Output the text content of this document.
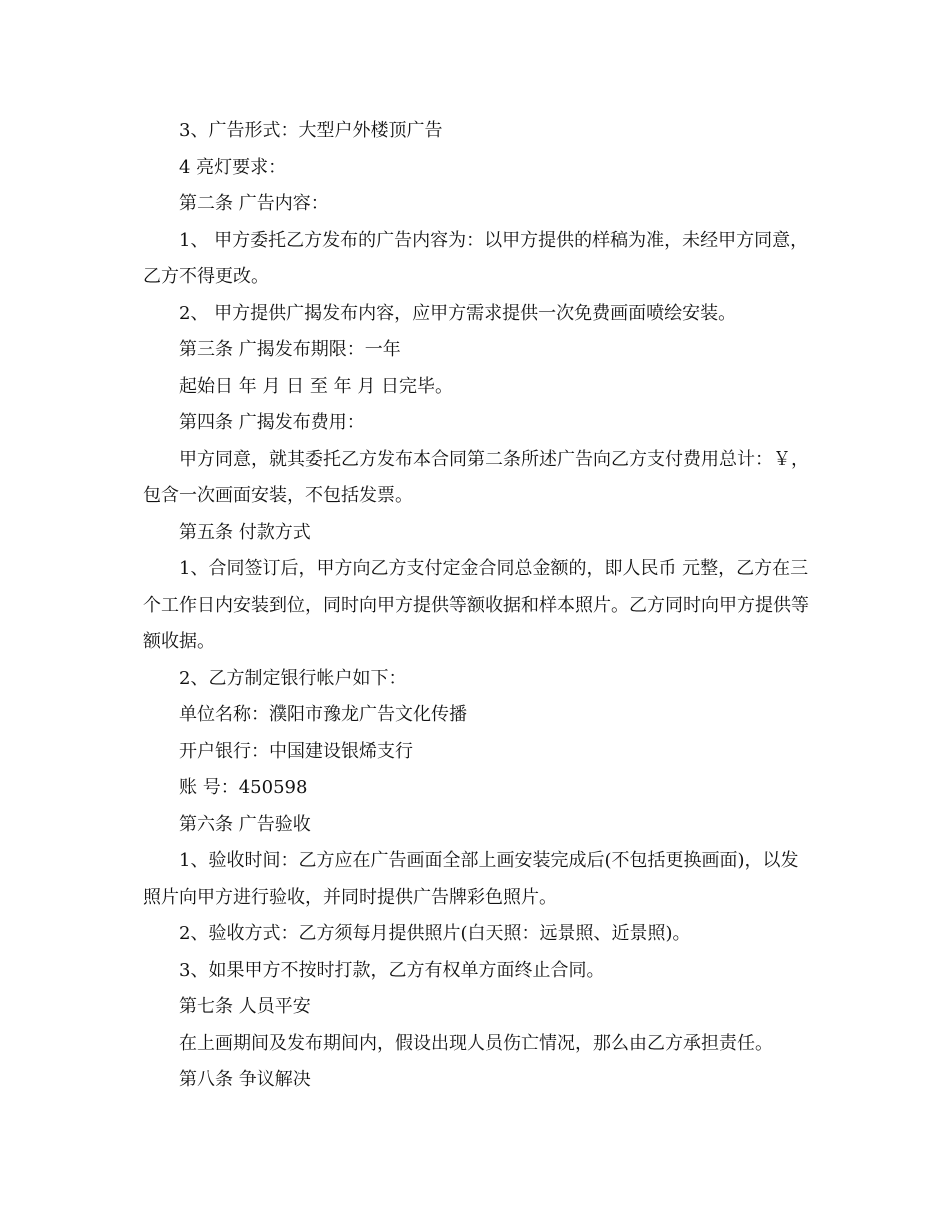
3、广告形式：大型户外楼顶广告

4 亮灯要求：

第二条 广告内容：

1、 甲方委托乙方发布的广告内容为：以甲方提供的样稿为准，未经甲方同意，乙方不得更改。

2、 甲方提供广揭发布内容，应甲方需求提供一次免费画面喷绘安装。

第三条 广揭发布期限：一年

起始日 年 月 日 至 年 月 日完毕。

第四条 广揭发布费用：

甲方同意，就其委托乙方发布本合同第二条所述广告向乙方支付费用总计：￥，包含一次画面安装，不包括发票。

第五条 付款方式

1、合同签订后，甲方向乙方支付定金合同总金额的，即人民币 元整，乙方在三个工作日内安装到位，同时向甲方提供等额收据和样本照片。乙方同时向甲方提供等额收据。

2、乙方制定银行帐户如下：

单位名称：濮阳市豫龙广告文化传播

开户银行：中国建设银烯支行

账 号：450598

第六条 广告验收

1、验收时间：乙方应在广告画面全部上画安装完成后(不包括更换画面)，以发照片向甲方进行验收，并同时提供广告牌彩色照片。

2、验收方式：乙方须每月提供照片(白天照：远景照、近景照)。

3、如果甲方不按时打款，乙方有权单方面终止合同。

第七条 人员平安

在上画期间及发布期间内，假设出现人员伤亡情况，那么由乙方承担责任。

第八条 争议解决
